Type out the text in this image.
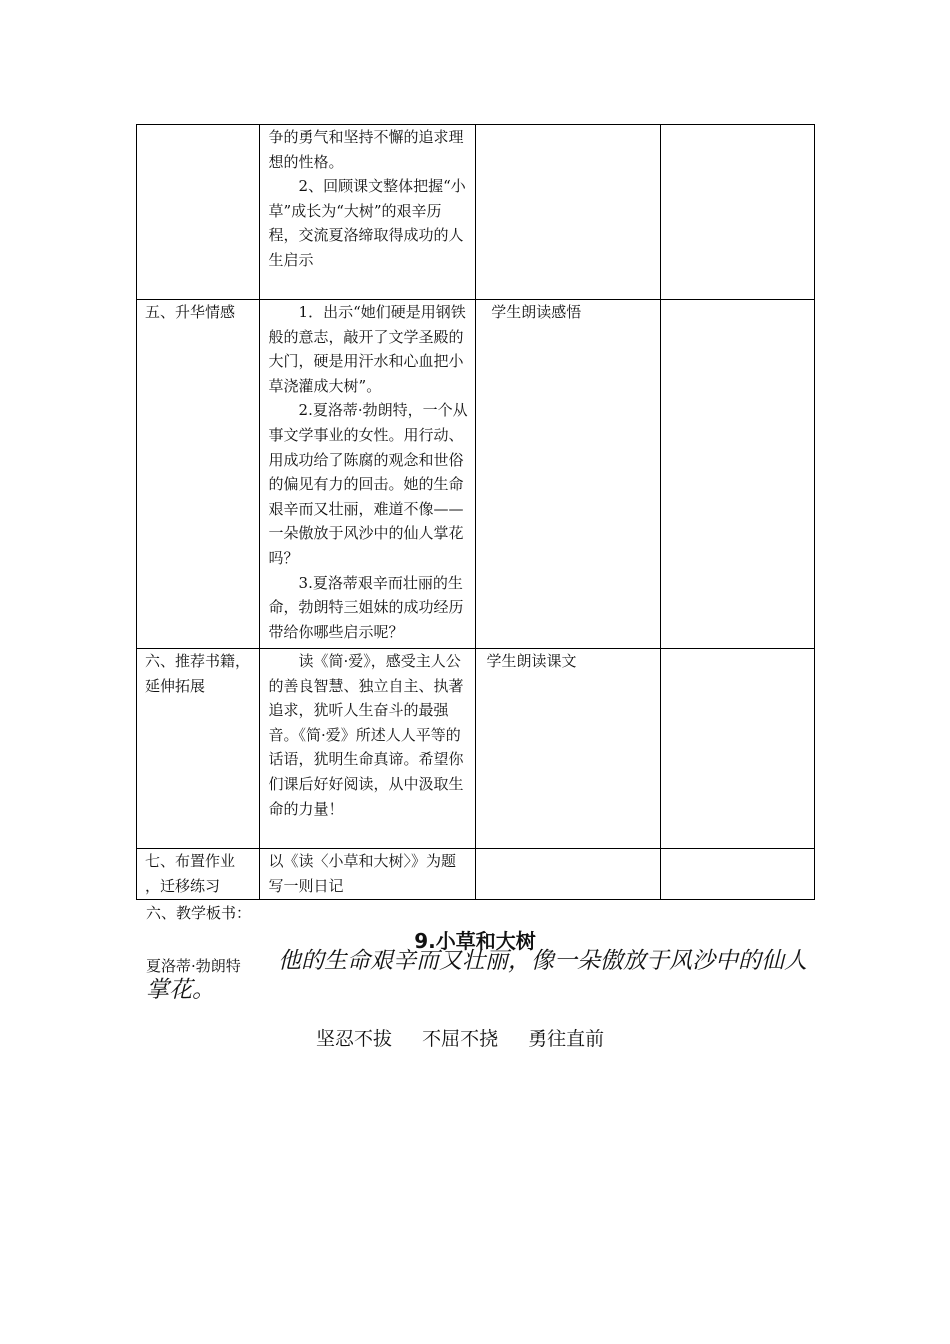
	争的勇气和坚持不懈的追求理想的性格。
2、回顾课文整体把握“小草”成长为“大树”的艰辛历程，交流夏洛缔取得成功的人生启示		

五、升华情感	1．出示“她们硬是用钢铁般的意志，敲开了文学圣殿的大门，硬是用汗水和心血把小草浇灌成大树”。
2.夏洛蒂·勃朗特，一个从事文学事业的女性。用行动、用成功给了陈腐的观念和世俗的偏见有力的回击。她的生命艰辛而又壮丽，难道不像——一朵傲放于风沙中的仙人掌花吗？
3.夏洛蒂艰辛而壮丽的生命，勃朗特三姐妹的成功经历带给你哪些启示呢？	学生朗读感悟	

六、推荐书籍，
延伸拓展	读《简·爱》，感受主人公的善良智慧、独立自主、执著追求，犹听人生奋斗的最强音。《简·爱》所述人人平等的话语，犹明生命真谛。希望你们课后好好阅读，从中汲取生命的力量！	学生朗读课文	

七、布置作业
，迁移练习	以《读〈小草和大树〉》为题写一则日记		

六、教学板书：
9.小草和大树
他的生命艰辛而又壮丽，像一朵傲放于风沙中的仙人掌花。
夏洛蒂·勃朗特
坚忍不拔 不屈不挠 勇往直前
